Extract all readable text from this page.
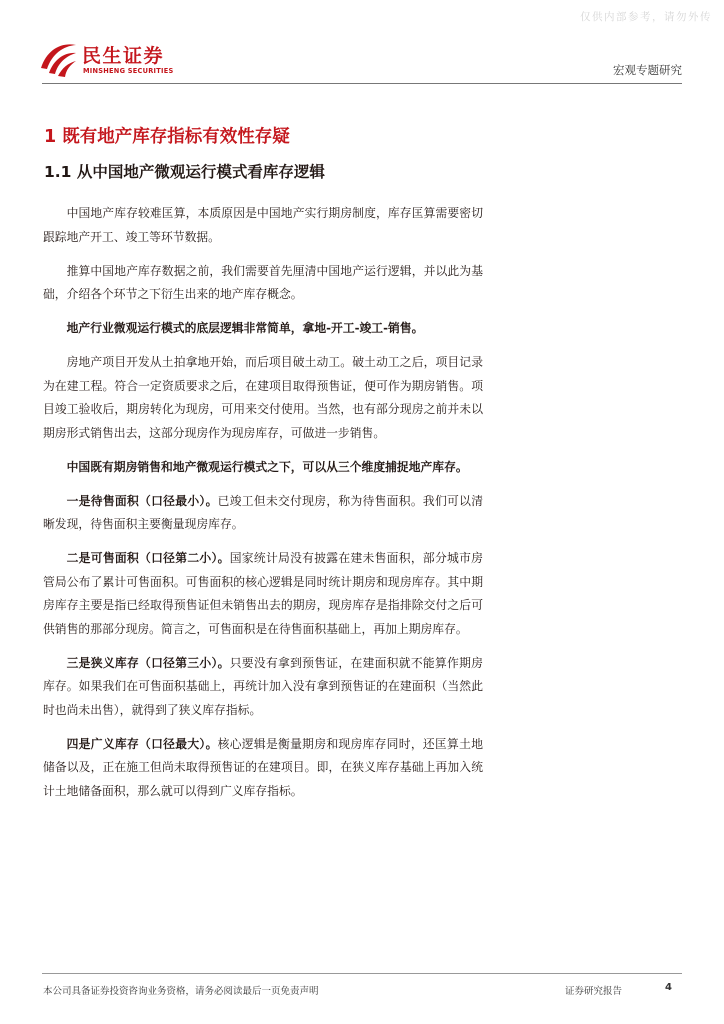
仅供内部参考，请勿外传
民生证券
MINSHENG SECURITIES	宏观专题研究
1 既有地产库存指标有效性存疑
1.1 从中国地产微观运行模式看库存逻辑

中国地产库存较难匡算，本质原因是中国地产实行期房制度，库存匡算需要密切跟踪地产开工、竣工等环节数据。

推算中国地产库存数据之前，我们需要首先厘清中国地产运行逻辑，并以此为基础，介绍各个环节之下衍生出来的地产库存概念。

地产行业微观运行模式的底层逻辑非常简单，拿地-开工-竣工-销售。

房地产项目开发从土拍拿地开始，而后项目破土动工。破土动工之后，项目记录为在建工程。符合一定资质要求之后，在建项目取得预售证，便可作为期房销售。项目竣工验收后，期房转化为现房，可用来交付使用。当然，也有部分现房之前并未以期房形式销售出去，这部分现房作为现房库存，可做进一步销售。

中国既有期房销售和地产微观运行模式之下，可以从三个维度捕捉地产库存。

一是待售面积（口径最小）。已竣工但未交付现房，称为待售面积。我们可以清晰发现，待售面积主要衡量现房库存。

二是可售面积（口径第二小）。国家统计局没有披露在建未售面积，部分城市房管局公布了累计可售面积。可售面积的核心逻辑是同时统计期房和现房库存。其中期房库存主要是指已经取得预售证但未销售出去的期房，现房库存是指排除交付之后可供销售的那部分现房。简言之，可售面积是在待售面积基础上，再加上期房库存。

三是狭义库存（口径第三小）。只要没有拿到预售证，在建面积就不能算作期房库存。如果我们在可售面积基础上，再统计加入没有拿到预售证的在建面积（当然此时也尚未出售），就得到了狭义库存指标。

四是广义库存（口径最大）。核心逻辑是衡量期房和现房库存同时，还匡算土地储备以及，正在施工但尚未取得预售证的在建项目。即，在狭义库存基础上再加入统计土地储备面积，那么就可以得到广义库存指标。

本公司具备证券投资咨询业务资格，请务必阅读最后一页免责声明	证券研究报告	4
